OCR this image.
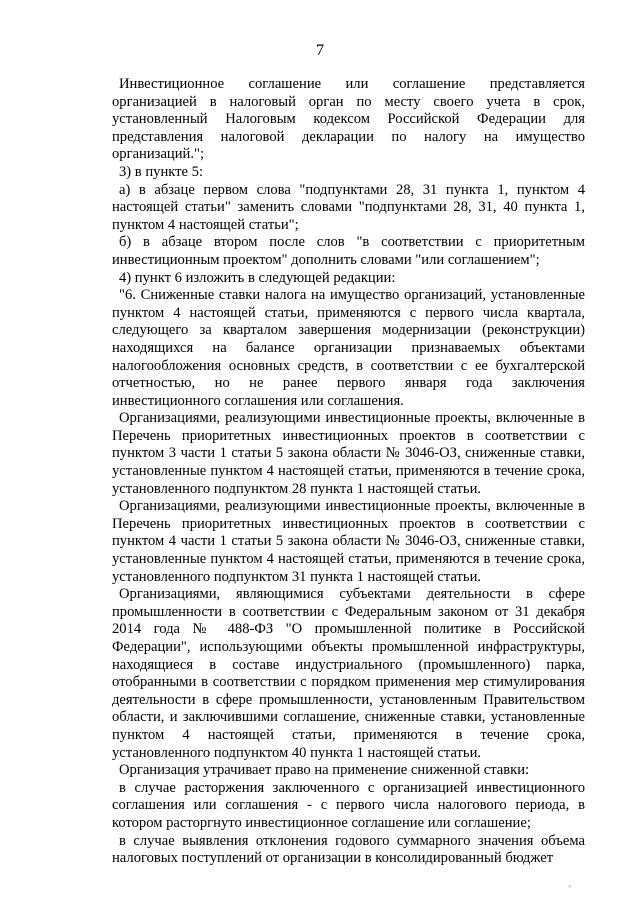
7

Инвестиционное соглашение или соглашение представляется организацией в налоговый орган по месту своего учета в срок, установленный Налоговым кодексом Российской Федерации для представления налоговой декларации по налогу на имущество организаций.";

3) в пункте 5:

а) в абзаце первом слова "подпунктами 28, 31 пункта 1, пунктом 4 настоящей статьи" заменить словами "подпунктами 28, 31, 40 пункта 1, пунктом 4 настоящей статьи";

б) в абзаце втором после слов "в соответствии с приоритетным инвестиционным проектом" дополнить словами "или соглашением";

4) пункт 6 изложить в следующей редакции:

"6. Сниженные ставки налога на имущество организаций, установленные пунктом 4 настоящей статьи, применяются с первого числа квартала, следующего за кварталом завершения модернизации (реконструкции) находящихся на балансе организации признаваемых объектами налогообложения основных средств, в соответствии с ее бухгалтерской отчетностью, но не ранее первого января года заключения инвестиционного соглашения или соглашения.

Организациями, реализующими инвестиционные проекты, включенные в Перечень приоритетных инвестиционных проектов в соответствии с пунктом 3 части 1 статьи 5 закона области № 3046-ОЗ, сниженные ставки, установленные пунктом 4 настоящей статьи, применяются в течение срока, установленного подпунктом 28 пункта 1 настоящей статьи.

Организациями, реализующими инвестиционные проекты, включенные в Перечень приоритетных инвестиционных проектов в соответствии с пунктом 4 части 1 статьи 5 закона области № 3046-ОЗ, сниженные ставки, установленные пунктом 4 настоящей статьи, применяются в течение срока, установленного подпунктом 31 пункта 1 настоящей статьи.

Организациями, являющимися субъектами деятельности в сфере промышленности в соответствии с Федеральным законом от 31 декабря 2014 года № 488-ФЗ "О промышленной политике в Российской Федерации", использующими объекты промышленной инфраструктуры, находящиеся в составе индустриального (промышленного) парка, отобранными в соответствии с порядком применения мер стимулирования деятельности в сфере промышленности, установленным Правительством области, и заключившими соглашение, сниженные ставки, установленные пунктом 4 настоящей статьи, применяются в течение срока, установленного подпунктом 40 пункта 1 настоящей статьи.

Организация утрачивает право на применение сниженной ставки:

в случае расторжения заключенного с организацией инвестиционного соглашения или соглашения - с первого числа налогового периода, в котором расторгнуто инвестиционное соглашение или соглашение;

в случае выявления отклонения годового суммарного значения объема налоговых поступлений от организации в консолидированный бюджет

"
